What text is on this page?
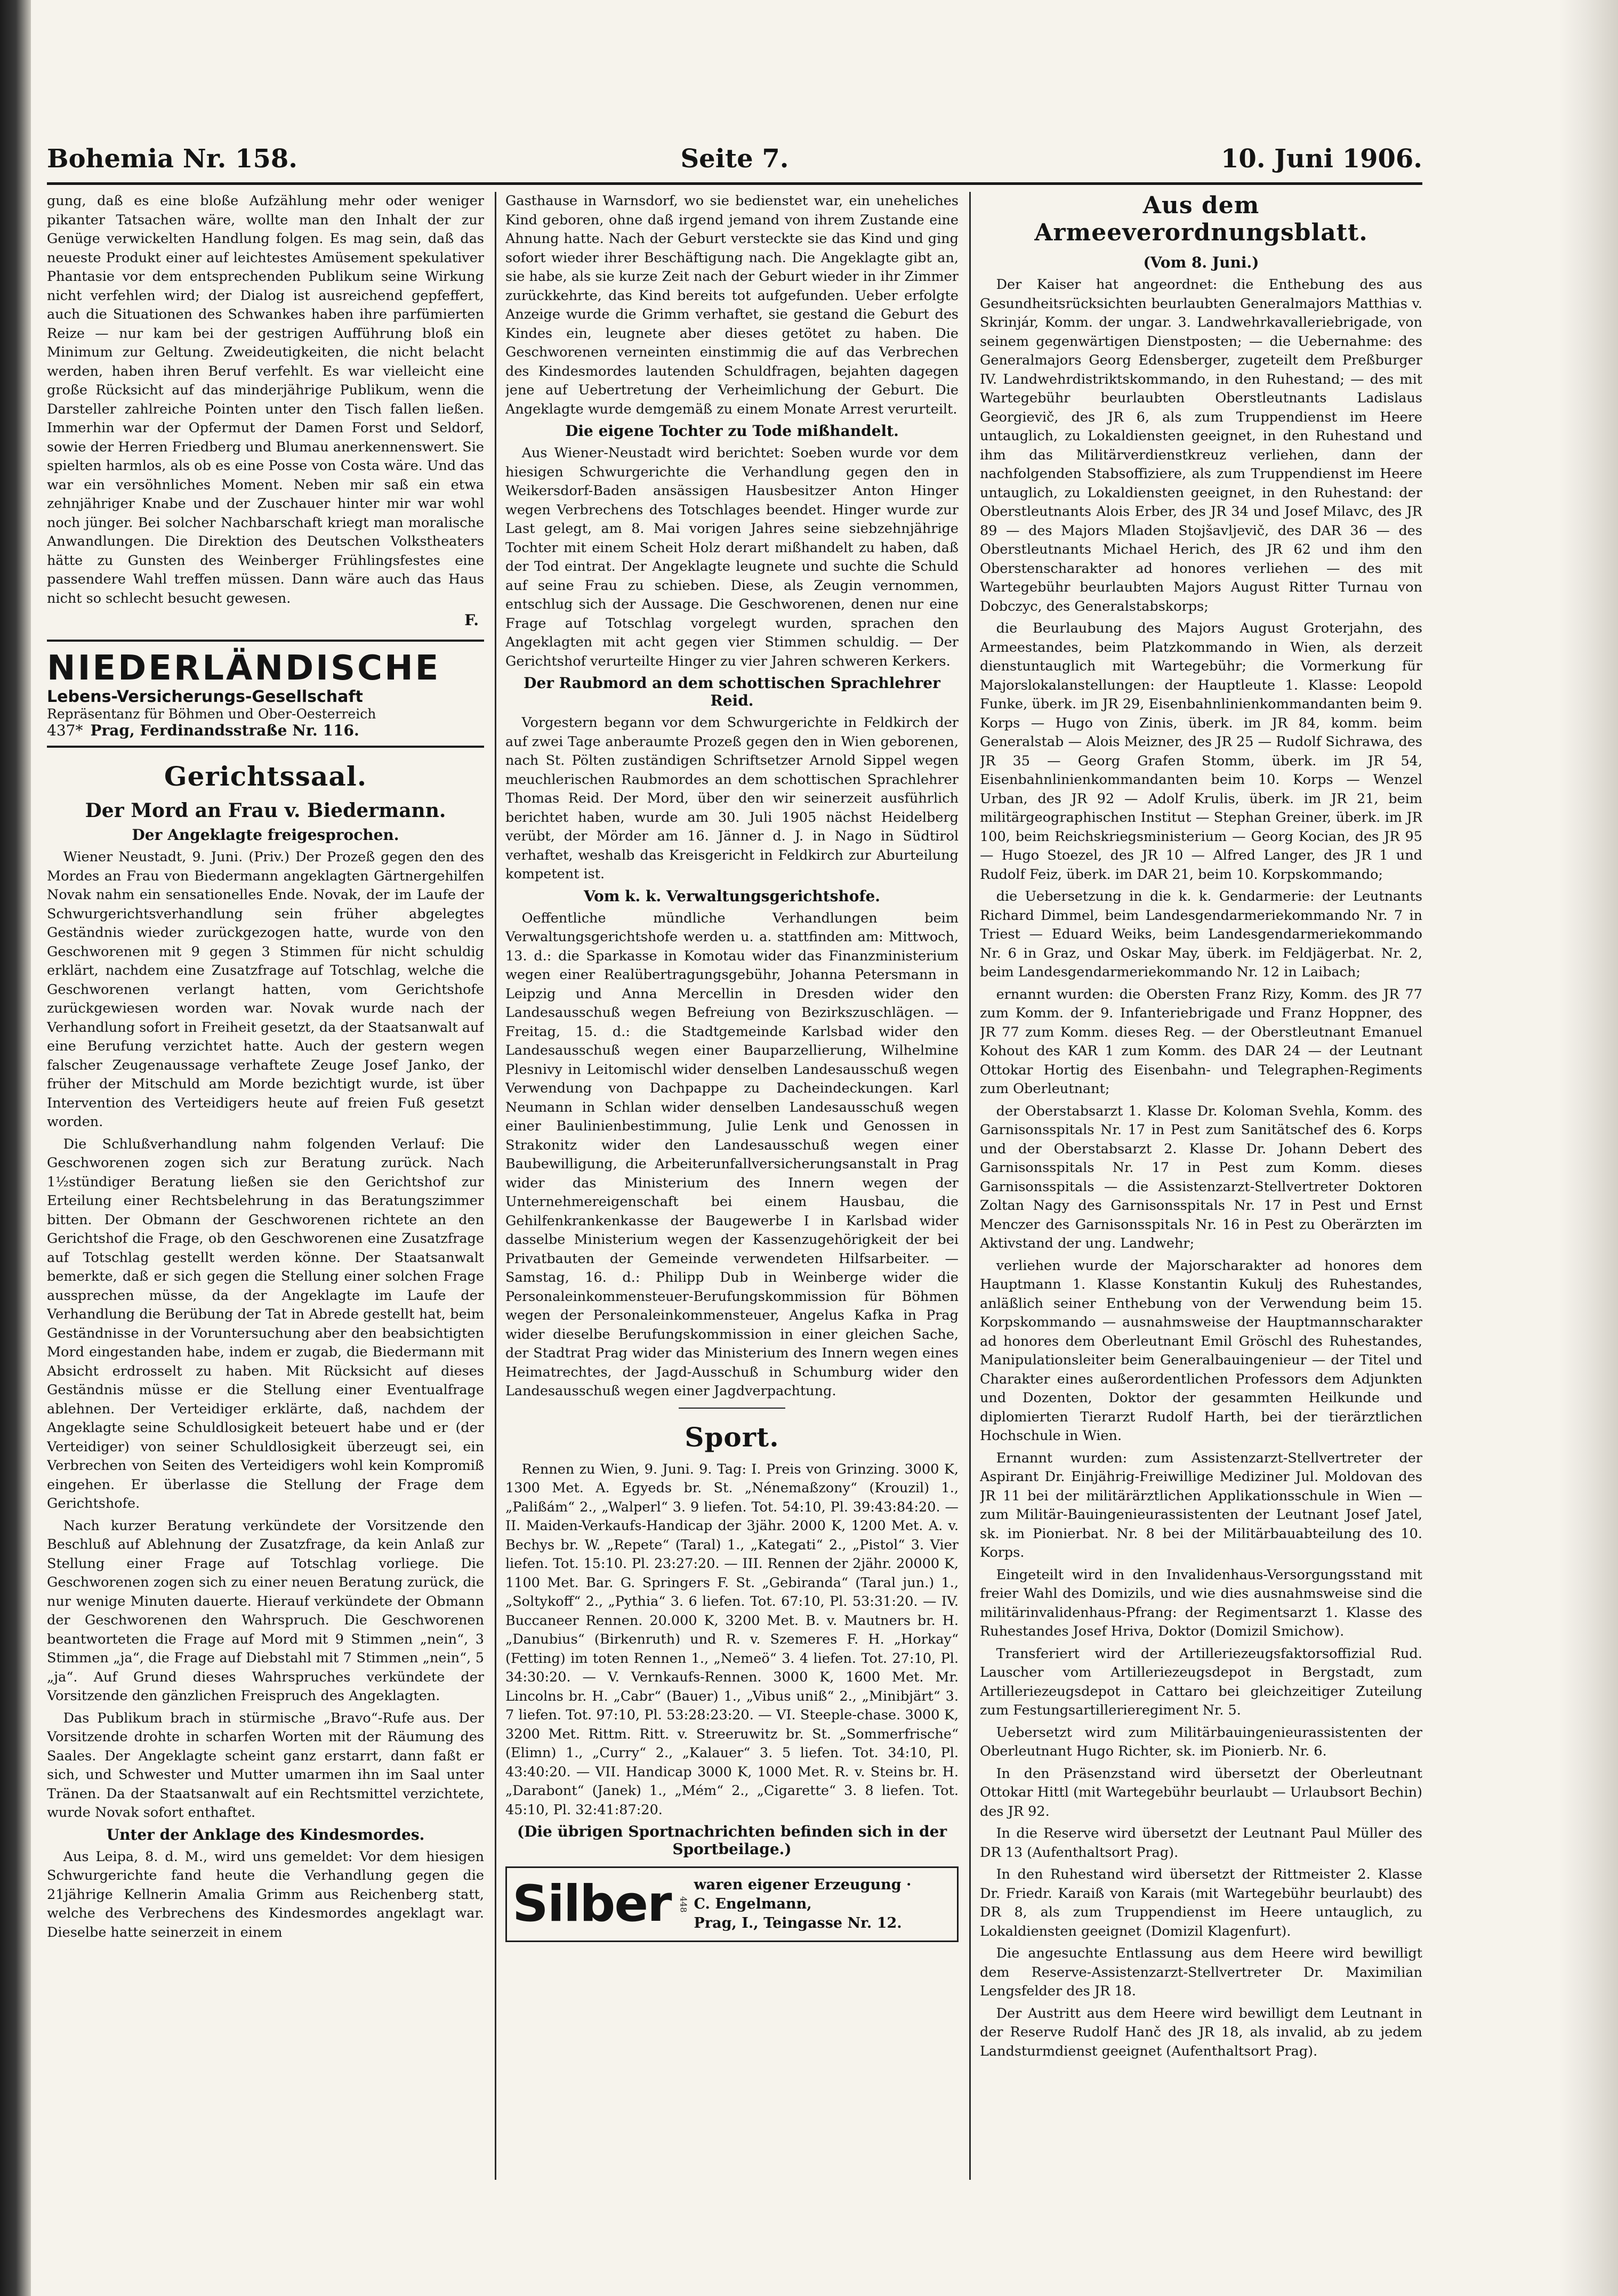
Bohemia Nr. 158.	Seite 7.	10. Juni 1906.

gung, daß es eine bloße Aufzählung mehr oder weniger pikanter Tatsachen wäre, wollte man den Inhalt der zur Genüge verwickelten Handlung folgen. Es mag sein, daß das neueste Produkt einer auf leichtestes Amüsement spekulativer Phantasie vor dem entsprechenden Publikum seine Wirkung nicht verfehlen wird; der Dialog ist ausreichend gepfeffert, auch die Situationen des Schwankes haben ihre parfümierten Reize — nur kam bei der gestrigen Aufführung bloß ein Minimum zur Geltung. Zweideutigkeiten, die nicht belacht werden, haben ihren Beruf verfehlt. Es war vielleicht eine große Rücksicht auf das minderjährige Publikum, wenn die Darsteller zahlreiche Pointen unter den Tisch fallen ließen. Immerhin war der Opfermut der Damen Forst und Seldorf, sowie der Herren Friedberg und Blumau anerkennenswert. Sie spielten harmlos, als ob es eine Posse von Costa wäre. Und das war ein versöhnliches Moment. Neben mir saß ein etwa zehnjähriger Knabe und der Zuschauer hinter mir war wohl noch jünger. Bei solcher Nachbarschaft kriegt man moralische Anwandlungen. Die Direktion des Deutschen Volkstheaters hätte zu Gunsten des Weinberger Frühlingsfestes eine passendere Wahl treffen müssen. Dann wäre auch das Haus nicht so schlecht besucht gewesen.

F.
NIEDERLÄNDISCHE
Lebens-Versicherungs-Gesellschaft
Repräsentanz für Böhmen und Ober-Oesterreich
437* Prag, Ferdinandsstraße Nr. 116.
Gerichtssaal.
Der Mord an Frau v. Biedermann.
Der Angeklagte freigesprochen.

Wiener Neustadt, 9. Juni. (Priv.) Der Prozeß gegen den des Mordes an Frau von Biedermann angeklagten Gärtnergehilfen Novak nahm ein sensationelles Ende. Novak, der im Laufe der Schwurgerichtsverhandlung sein früher abgelegtes Geständnis wieder zurückgezogen hatte, wurde von den Geschworenen mit 9 gegen 3 Stimmen für nicht schuldig erklärt, nachdem eine Zusatzfrage auf Totschlag, welche die Geschworenen verlangt hatten, vom Gerichtshofe zurückgewiesen worden war. Novak wurde nach der Verhandlung sofort in Freiheit gesetzt, da der Staatsanwalt auf eine Berufung verzichtet hatte. Auch der gestern wegen falscher Zeugenaussage verhaftete Zeuge Josef Janko, der früher der Mitschuld am Morde bezichtigt wurde, ist über Intervention des Verteidigers heute auf freien Fuß gesetzt worden.

Die Schlußverhandlung nahm folgenden Verlauf: Die Geschworenen zogen sich zur Beratung zurück. Nach 1½stündiger Beratung ließen sie den Gerichtshof zur Erteilung einer Rechtsbelehrung in das Beratungszimmer bitten. Der Obmann der Geschworenen richtete an den Gerichtshof die Frage, ob den Geschworenen eine Zusatzfrage auf Totschlag gestellt werden könne. Der Staatsanwalt bemerkte, daß er sich gegen die Stellung einer solchen Frage aussprechen müsse, da der Angeklagte im Laufe der Verhandlung die Berübung der Tat in Abrede gestellt hat, beim Geständnisse in der Voruntersuchung aber den beabsichtigten Mord eingestanden habe, indem er zugab, die Biedermann mit Absicht erdrosselt zu haben. Mit Rücksicht auf dieses Geständnis müsse er die Stellung einer Eventualfrage ablehnen. Der Verteidiger erklärte, daß, nachdem der Angeklagte seine Schuldlosigkeit beteuert habe und er (der Verteidiger) von seiner Schuldlosigkeit überzeugt sei, ein Verbrechen von Seiten des Verteidigers wohl kein Kompromiß eingehen. Er überlasse die Stellung der Frage dem Gerichtshofe.

Nach kurzer Beratung verkündete der Vorsitzende den Beschluß auf Ablehnung der Zusatzfrage, da kein Anlaß zur Stellung einer Frage auf Totschlag vorliege. Die Geschworenen zogen sich zu einer neuen Beratung zurück, die nur wenige Minuten dauerte. Hierauf verkündete der Obmann der Geschworenen den Wahrspruch. Die Geschworenen beantworteten die Frage auf Mord mit 9 Stimmen „nein“, 3 Stimmen „ja“, die Frage auf Diebstahl mit 7 Stimmen „nein“, 5 „ja“. Auf Grund dieses Wahrspruches verkündete der Vorsitzende den gänzlichen Freispruch des Angeklagten.

Das Publikum brach in stürmische „Bravo“-Rufe aus. Der Vorsitzende drohte in scharfen Worten mit der Räumung des Saales. Der Angeklagte scheint ganz erstarrt, dann faßt er sich, und Schwester und Mutter umarmen ihn im Saal unter Tränen. Da der Staatsanwalt auf ein Rechtsmittel verzichtete, wurde Novak sofort enthaftet.

Unter der Anklage des Kindesmordes.

Aus Leipa, 8. d. M., wird uns gemeldet: Vor dem hiesigen Schwurgerichte fand heute die Verhandlung gegen die 21jährige Kellnerin Amalia Grimm aus Reichenberg statt, welche des Verbrechens des Kindesmordes angeklagt war. Dieselbe hatte seinerzeit in einem

Gasthause in Warnsdorf, wo sie bedienstet war, ein uneheliches Kind geboren, ohne daß irgend jemand von ihrem Zustande eine Ahnung hatte. Nach der Geburt versteckte sie das Kind und ging sofort wieder ihrer Beschäftigung nach. Die Angeklagte gibt an, sie habe, als sie kurze Zeit nach der Geburt wieder in ihr Zimmer zurückkehrte, das Kind bereits tot aufgefunden. Ueber erfolgte Anzeige wurde die Grimm verhaftet, sie gestand die Geburt des Kindes ein, leugnete aber dieses getötet zu haben. Die Geschworenen verneinten einstimmig die auf das Verbrechen des Kindesmordes lautenden Schuldfragen, bejahten dagegen jene auf Uebertretung der Verheimlichung der Geburt. Die Angeklagte wurde demgemäß zu einem Monate Arrest verurteilt.

Die eigene Tochter zu Tode mißhandelt.

Aus Wiener-Neustadt wird berichtet: Soeben wurde vor dem hiesigen Schwurgerichte die Verhandlung gegen den in Weikersdorf-Baden ansässigen Hausbesitzer Anton Hinger wegen Verbrechens des Totschlages beendet. Hinger wurde zur Last gelegt, am 8. Mai vorigen Jahres seine siebzehnjährige Tochter mit einem Scheit Holz derart mißhandelt zu haben, daß der Tod eintrat. Der Angeklagte leugnete und suchte die Schuld auf seine Frau zu schieben. Diese, als Zeugin vernommen, entschlug sich der Aussage. Die Geschworenen, denen nur eine Frage auf Totschlag vorgelegt wurden, sprachen den Angeklagten mit acht gegen vier Stimmen schuldig. — Der Gerichtshof verurteilte Hinger zu vier Jahren schweren Kerkers.

Der Raubmord an dem schottischen Sprachlehrer Reid.

Vorgestern begann vor dem Schwurgerichte in Feldkirch der auf zwei Tage anberaumte Prozeß gegen den in Wien geborenen, nach St. Pölten zuständigen Schriftsetzer Arnold Sippel wegen meuchlerischen Raubmordes an dem schottischen Sprachlehrer Thomas Reid. Der Mord, über den wir seinerzeit ausführlich berichtet haben, wurde am 30. Juli 1905 nächst Heidelberg verübt, der Mörder am 16. Jänner d. J. in Nago in Südtirol verhaftet, weshalb das Kreisgericht in Feldkirch zur Aburteilung kompetent ist.

Vom k. k. Verwaltungsgerichtshofe.

Oeffentliche mündliche Verhandlungen beim Verwaltungsgerichtshofe werden u. a. stattfinden am: Mittwoch, 13. d.: die Sparkasse in Komotau wider das Finanzministerium wegen einer Realübertragungsgebühr, Johanna Petersmann in Leipzig und Anna Mercellin in Dresden wider den Landesausschuß wegen Befreiung von Bezirkszuschlägen. — Freitag, 15. d.: die Stadtgemeinde Karlsbad wider den Landesausschuß wegen einer Bauparzellierung, Wilhelmine Plesnivy in Leitomischl wider denselben Landesausschuß wegen Verwendung von Dachpappe zu Dacheindeckungen. Karl Neumann in Schlan wider denselben Landesausschuß wegen einer Baulinienbestimmung, Julie Lenk und Genossen in Strakonitz wider den Landesausschuß wegen einer Baubewilligung, die Arbeiterunfallversicherungsanstalt in Prag wider das Ministerium des Innern wegen der Unternehmereigenschaft bei einem Hausbau, die Gehilfenkrankenkasse der Baugewerbe I in Karlsbad wider dasselbe Ministerium wegen der Kassenzugehörigkeit der bei Privatbauten der Gemeinde verwendeten Hilfsarbeiter. — Samstag, 16. d.: Philipp Dub in Weinberge wider die Personaleinkommensteuer-Berufungskommission für Böhmen wegen der Personaleinkommensteuer, Angelus Kafka in Prag wider dieselbe Berufungskommission in einer gleichen Sache, der Stadtrat Prag wider das Ministerium des Innern wegen eines Heimatrechtes, der Jagd-Ausschuß in Schumburg wider den Landesausschuß wegen einer Jagdverpachtung.

Sport.

Rennen zu Wien, 9. Juni. 9. Tag: I. Preis von Grinzing. 3000 K, 1300 Met. A. Egyeds br. St. „Nénemaßzony“ (Krouzil) 1., „Palißám“ 2., „Walperl“ 3. 9 liefen. Tot. 54:10, Pl. 39:43:84:20. — II. Maiden-Verkaufs-Handicap der 3jähr. 2000 K, 1200 Met. A. v. Bechys br. W. „Repete“ (Taral) 1., „Kategati“ 2., „Pistol“ 3. Vier liefen. Tot. 15:10. Pl. 23:27:20. — III. Rennen der 2jähr. 20000 K, 1100 Met. Bar. G. Springers F. St. „Gebiranda“ (Taral jun.) 1., „Soltykoff“ 2., „Pythia“ 3. 6 liefen. Tot. 67:10, Pl. 53:31:20. — IV. Buccaneer Rennen. 20.000 K, 3200 Met. B. v. Mautners br. H. „Danubius“ (Birkenruth) und R. v. Szemeres F. H. „Horkay“ (Fetting) im toten Rennen 1., „Nemeö“ 3. 4 liefen. Tot. 27:10, Pl. 34:30:20. — V. Vernkaufs-Rennen. 3000 K, 1600 Met. Mr. Lincolns br. H. „Cabr“ (Bauer) 1., „Vibus uniß“ 2., „Minibjärt“ 3. 7 liefen. Tot. 97:10, Pl. 53:28:23:20. — VI. Steeple-chase. 3000 K, 3200 Met. Rittm. Ritt. v. Streeruwitz br. St. „Sommerfrische“ (Elimn) 1., „Curry“ 2., „Kalauer“ 3. 5 liefen. Tot. 34:10, Pl. 43:40:20. — VII. Handicap 3000 K, 1000 Met. R. v. Steins br. H. „Darabont“ (Janek) 1., „Mém“ 2., „Cigarette“ 3. 8 liefen. Tot. 45:10, Pl. 32:41:87:20.

(Die übrigen Sportnachrichten befinden sich in der Sportbeilage.)
Silber 448
waren eigener Erzeugung ·
C. Engelmann,
Prag, I., Teingasse Nr. 12.
Aus dem Armeeverordnungsblatt.
(Vom 8. Juni.)

Der Kaiser hat angeordnet: die Enthebung des aus Gesundheitsrücksichten beurlaubten Generalmajors Matthias v. Skrinjár, Komm. der ungar. 3. Landwehrkavalleriebrigade, von seinem gegenwärtigen Dienstposten; — die Uebernahme: des Generalmajors Georg Edensberger, zugeteilt dem Preßburger IV. Landwehrdistriktskommando, in den Ruhestand; — des mit Wartegebühr beurlaubten Oberstleutnants Ladislaus Georgievič, des JR 6, als zum Truppendienst im Heere untauglich, zu Lokaldiensten geeignet, in den Ruhestand und ihm das Militärverdienstkreuz verliehen, dann der nachfolgenden Stabsoffiziere, als zum Truppendienst im Heere untauglich, zu Lokaldiensten geeignet, in den Ruhestand: der Oberstleutnants Alois Erber, des JR 34 und Josef Milavc, des JR 89 — des Majors Mladen Stojšavljevič, des DAR 36 — des Oberstleutnants Michael Herich, des JR 62 und ihm den Oberstenscharakter ad honores verliehen — des mit Wartegebühr beurlaubten Majors August Ritter Turnau von Dobczyc, des Generalstabskorps;

die Beurlaubung des Majors August Groterjahn, des Armeestandes, beim Platzkommando in Wien, als derzeit dienstuntauglich mit Wartegebühr; die Vormerkung für Majorslokalanstellungen: der Hauptleute 1. Klasse: Leopold Funke, überk. im JR 29, Eisenbahnlinienkommandanten beim 9. Korps — Hugo von Zinis, überk. im JR 84, komm. beim Generalstab — Alois Meizner, des JR 25 — Rudolf Sichrawa, des JR 35 — Georg Grafen Stomm, überk. im JR 54, Eisenbahnlinienkommandanten beim 10. Korps — Wenzel Urban, des JR 92 — Adolf Krulis, überk. im JR 21, beim militärgeographischen Institut — Stephan Greiner, überk. im JR 100, beim Reichskriegsministerium — Georg Kocian, des JR 95 — Hugo Stoezel, des JR 10 — Alfred Langer, des JR 1 und Rudolf Feiz, überk. im DAR 21, beim 10. Korpskommando;

die Uebersetzung in die k. k. Gendarmerie: der Leutnants Richard Dimmel, beim Landesgendarmeriekommando Nr. 7 in Triest — Eduard Weiks, beim Landesgendarmeriekommando Nr. 6 in Graz, und Oskar May, überk. im Feldjägerbat. Nr. 2, beim Landesgendarmeriekommando Nr. 12 in Laibach;

ernannt wurden: die Obersten Franz Rizy, Komm. des JR 77 zum Komm. der 9. Infanteriebrigade und Franz Hoppner, des JR 77 zum Komm. dieses Reg. — der Oberstleutnant Emanuel Kohout des KAR 1 zum Komm. des DAR 24 — der Leutnant Ottokar Hortig des Eisenbahn- und Telegraphen-Regiments zum Oberleutnant;

der Oberstabsarzt 1. Klasse Dr. Koloman Svehla, Komm. des Garnisonsspitals Nr. 17 in Pest zum Sanitätschef des 6. Korps und der Oberstabsarzt 2. Klasse Dr. Johann Debert des Garnisonsspitals Nr. 17 in Pest zum Komm. dieses Garnisonsspitals — die Assistenzarzt-Stellvertreter Doktoren Zoltan Nagy des Garnisonsspitals Nr. 17 in Pest und Ernst Menczer des Garnisonsspitals Nr. 16 in Pest zu Oberärzten im Aktivstand der ung. Landwehr;

verliehen wurde der Majorscharakter ad honores dem Hauptmann 1. Klasse Konstantin Kukulj des Ruhestandes, anläßlich seiner Enthebung von der Verwendung beim 15. Korpskommando — ausnahmsweise der Hauptmannscharakter ad honores dem Oberleutnant Emil Gröschl des Ruhestandes, Manipulationsleiter beim Generalbauingenieur — der Titel und Charakter eines außerordentlichen Professors dem Adjunkten und Dozenten, Doktor der gesammten Heilkunde und diplomierten Tierarzt Rudolf Harth, bei der tierärztlichen Hochschule in Wien.

Ernannt wurden: zum Assistenzarzt-Stellvertreter der Aspirant Dr. Einjährig-Freiwillige Mediziner Jul. Moldovan des JR 11 bei der militärärztlichen Applikationsschule in Wien — zum Militär-Bauingenieurassistenten der Leutnant Josef Jatel, sk. im Pionierbat. Nr. 8 bei der Militärbauabteilung des 10. Korps.

Eingeteilt wird in den Invalidenhaus-Versorgungsstand mit freier Wahl des Domizils, und wie dies ausnahmsweise sind die militärinvalidenhaus-Pfrang: der Regimentsarzt 1. Klasse des Ruhestandes Josef Hriva, Doktor (Domizil Smichow).

Transferiert wird der Artilleriezeugsfaktorsoffizial Rud. Lauscher vom Artilleriezeugsdepot in Bergstadt, zum Artilleriezeugsdepot in Cattaro bei gleichzeitiger Zuteilung zum Festungsartillerieregiment Nr. 5.

Uebersetzt wird zum Militärbauingenieurassistenten der Oberleutnant Hugo Richter, sk. im Pionierb. Nr. 6.

In den Präsenzstand wird übersetzt der Oberleutnant Ottokar Hittl (mit Wartegebühr beurlaubt — Urlaubsort Bechin) des JR 92.

In die Reserve wird übersetzt der Leutnant Paul Müller des DR 13 (Aufenthaltsort Prag).

In den Ruhestand wird übersetzt der Rittmeister 2. Klasse Dr. Friedr. Karaiß von Karais (mit Wartegebühr beurlaubt) des DR 8, als zum Truppendienst im Heere untauglich, zu Lokaldiensten geeignet (Domizil Klagenfurt).

Die angesuchte Entlassung aus dem Heere wird bewilligt dem Reserve-Assistenzarzt-Stellvertreter Dr. Maximilian Lengsfelder des JR 18.

Der Austritt aus dem Heere wird bewilligt dem Leutnant in der Reserve Rudolf Hanč des JR 18, als invalid, ab zu jedem Landsturmdienst geeignet (Aufenthaltsort Prag).
